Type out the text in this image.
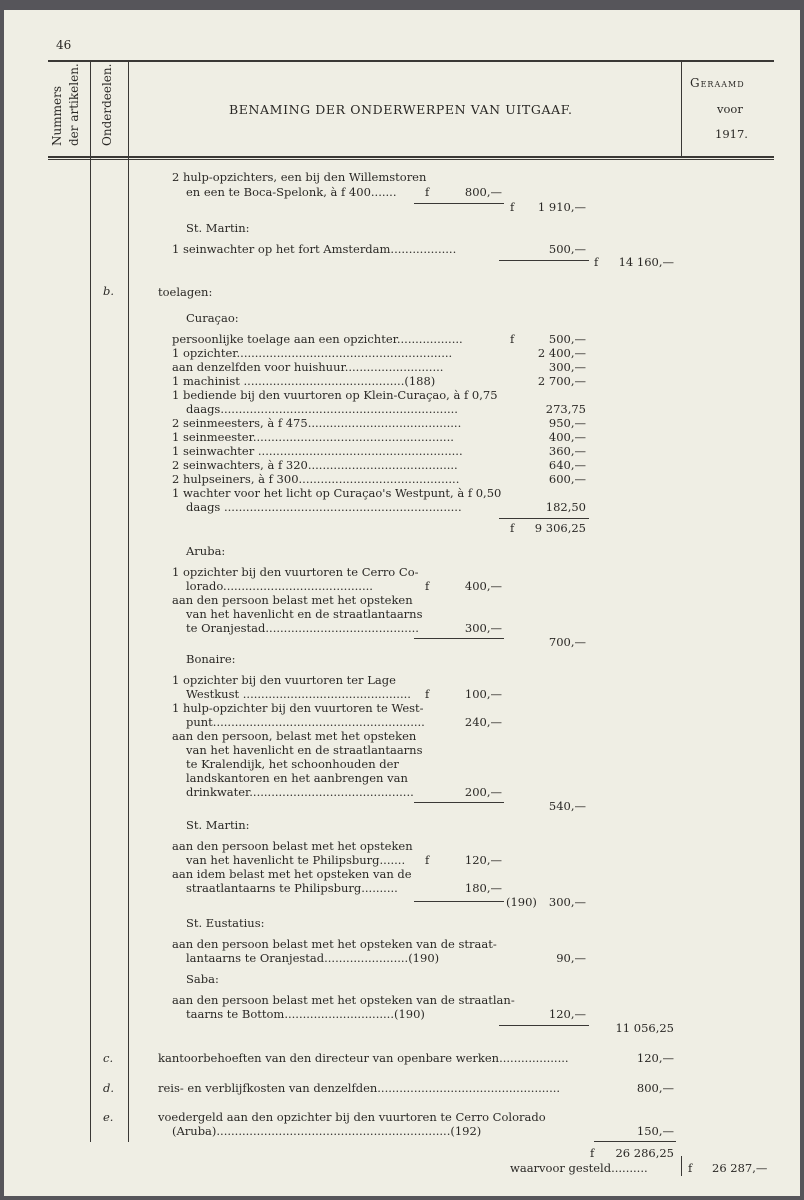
46
Nummers der artikelen. Onderdeelen.	BENAMING DER ONDERWERPEN VAN UITGAAF.
Geraamd
voor
1917.
2 hulp-opzichters, een bij den Willemstoren
en een te Boca-Spelonk, à f 400....... f	800,—
f	1 910,—
St. Martin:
1 seinwachter op het fort Amsterdam..................	500,—
f	14 160,—
b.	toelagen:
Curaçao:
persoonlijke toelage aan een opzichter..................	f	500,—
1 opzichter...........................................................	2 400,—
aan denzelfden voor huishuur...........................	300,—
1 machinist ............................................(188)	2 700,—
1 bediende bij den vuurtoren op Klein-Curaçao, à f 0,75
daags.................................................................	273,75
2 seinmeesters, à f 475..........................................	950,—
1 seinmeester.......................................................	400,—
1 seinwachter ........................................................	360,—
2 seinwachters, à f 320.........................................	640,—
2 hulpseiners, à f 300............................................	600,—
1 wachter voor het licht op Curaçao's Westpunt, à f 0,50
daags .................................................................	182,50
f	9 306,25
Aruba:
1 opzichter bij den vuurtoren te Cerro Co-
lorado.........................................	f	400,—
aan den persoon belast met het opsteken
van het havenlicht en de straatlantaarns
te Oranjestad..........................................	300,—
700,—
Bonaire:
1 opzichter bij den vuurtoren ter Lage
Westkust .............................................. f	100,—
1 hulp-opzichter bij den vuurtoren te West-
punt..........................................................	240,—
aan den persoon, belast met het opsteken
van het havenlicht en de straatlantaarns
te Kralendijk, het schoonhouden der
landskantoren en het aanbrengen van
drinkwater.............................................	200,—
540,—
St. Martin:
aan den persoon belast met het opsteken
van het havenlicht te Philipsburg....... f	120,—
aan idem belast met het opsteken van de
straatlantaarns te Philipsburg..........	180,—
(190)	300,—
St. Eustatius:
aan den persoon belast met het opsteken van de straat-
lantaarns te Oranjestad.......................(190)	90,—
Saba:
aan den persoon belast met het opsteken van de straatlan-
taarns te Bottom..............................(190)	120,—
11 056,25
c.	kantoorbehoeften van den directeur van openbare werken...................	120,—
d.	reis- en verblijfkosten van denzelfden..................................................	800,—
e.	voedergeld aan den opzichter bij den vuurtoren te Cerro Colorado
(Aruba)................................................................(192)	150,—
f	26 286,25
waarvoor gesteld..........	f 26 287,—
